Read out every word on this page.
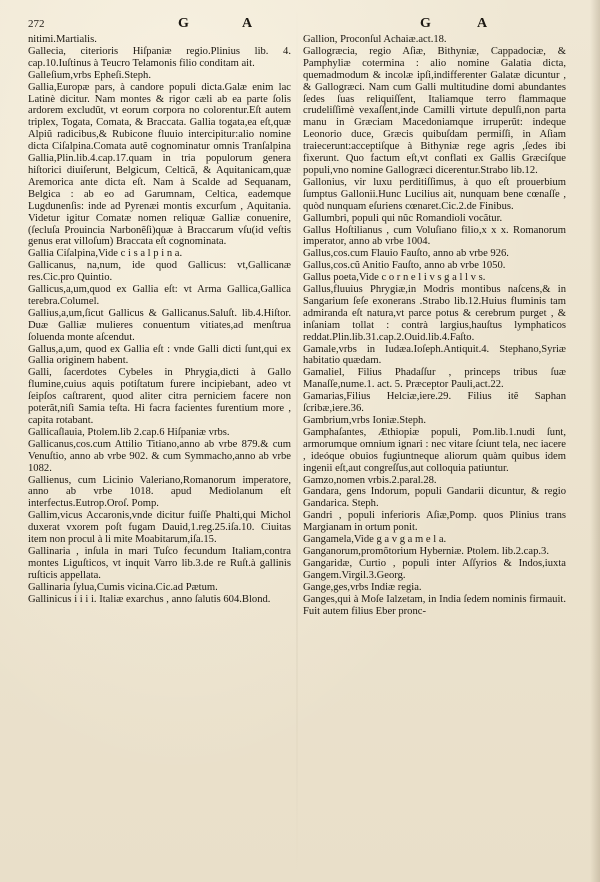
272	G	A	G	A

nitimi.Martialis.

Gallecia, citerioris Hiſpaniæ regio.Plinius lib. 4. cap.10.Iuſtinus à Teucro Telamonis filio conditam ait.

Galleſium,vrbs Epheſi.Steph.

Gallia,Europæ pars, à candore populi dicta.Galæ enim lac Latinè dicitur. Nam montes & rigor cæli ab ea parte ſolis ardorem excludũt, vt eorum corpora no colorentur.Eſt autem triplex, Togata, Comata, & Braccata. Gallia togata,ea eſt,quæ Alpiũ radicibus,& Rubicone fluuio intercipitur:alio nomine dicta Ciſalpina.Comata autẽ cognominatur omnis Tranſalpina Gallia,Plin.lib.4.cap.17.quam in tria populorum genera hiſtorici diuiſerunt, Belgicum, Celticã, & Aquitanicam,quæ Aremorica ante dicta eſt. Nam à Scalde ad Sequanam, Belgica : ab eo ad Garumnam, Celtica, eademque Lugdunenſis: inde ad Pyrenæi montis excurſum , Aquitania. Videtur igitur Comatæ nomen reliquæ Galliæ conuenire,(ſecluſa Prouincia Narbonẽſi)quæ à Braccarum vſu(id veſtis genus erat villoſum) Braccata eſt cognominata.

Gallia Ciſalpina,Vide c i s a l p i n a.

Gallicanus, na,num, ide quod Gallicus: vt,Gallicanæ res.Cic.pro Quintio.

Gallicus,a,um,quod ex Gallia eſt: vt Arma Gallica,Gallica terebra.Columel.

Gallius,a,um,ſicut Gallicus & Gallicanus.Saluſt. lib.4.Hiſtor. Duæ Galliæ mulieres conuentum vitiates,ad menſtrua ſoluenda monte aſcendut.

Gallus,a,um, quod ex Gallia eſt : vnde Galli dicti ſunt,qui ex Gallia originem habent.

Galli, ſacerdotes Cybeles in Phrygia,dicti à Gallo flumine,cuius aquis potiſtatum furere incipiebant, adeo vt ſeipſos caſtrarent, quod aliter citra perniciem facere non poterãt,niſi Samia teſta. Hi facra facientes furentium more , capita rotabant.

Gallicaſlauia, Ptolem.lib 2.cap.6 Hiſpaniæ vrbs.

Gallicanus,cos.cum Attilio Titiano,anno ab vrbe 879.& cum Venuſtio, anno ab vrbe 902. & cum Symmacho,anno ab vrbe 1082.

Gallienus, cum Licinio Valeriano,Romanorum imperatore, anno ab vrbe 1018. apud Mediolanum eſt interfectus.Eutrop.Oroſ. Pomp.

Gallim,vicus Accaronis,vnde dicitur fuiſſe Phalti,qui Michol duxerat vxorem poſt fugam Dauid,1.reg.25.iſa.10. Ciuitas item non procul à li mite Moabitarum,iſa.15.

Gallinaria , inſula in mari Tuſco fecundum Italiam,contra montes Liguſticos, vt inquit Varro lib.3.de re Ruſt.à gallinis ruſticis appellata.

Gallinaria ſylua,Cumis vicina.Cic.ad Pætum.

Gallinicus i i i i. Italiæ exarchus , anno ſalutis 604.Blond.

Gallion, Proconſul Achaiæ.act.18.

Gallogræcia, regio Aſiæ, Bithyniæ, Cappadociæ, & Pamphyliæ cotermina : alio nomine Galatia dicta, quemadmodum & incolæ ipſi,indifferenter Galatæ dicuntur , & Gallogræci. Nam cum Galli multitudine domi abundantes ſedes ſuas reliquiſſent, Italiamque terro flammaque crudeliſſimè vexaſſent,inde Camilli virtute depulſi,non parta manu in Græciam Macedoniamque irruperũt: indeque Leonorio duce, Græcis quibuſdam permiſſi, in Aſiam traiecerunt:acceptiſque à Bithyniæ rege agris ,ſedes ibi fixerunt. Quo factum eſt,vt conflati ex Gallis Græciſque populi,vno nomine Gallogræci dicerentur.Strabo lib.12.

Gallonius, vir luxu perditiſſimus, à quo eſt prouerbium ſumptus Gallonii.Hunc Lucilius ait, nunquam bene cœnaſſe , quòd nunquam eſuriens cœnaret.Cic.2.de Finibus.

Gallumbri, populi qui nũc Romandioli vocãtur.

Gallus Hoſtilianus , cum Voluſiano filio,x x x. Romanorum imperator, anno ab vrbe 1004.

Gallus,cos.cum Flauio Fauſto, anno ab vrbe 926.

Gallus,cos.cũ Anitio Fauſto, anno ab vrbe 1050.

Gallus poeta,Vide c o r n e l i v s g a l l v s.

Gallus,fluuius Phrygiæ,in Modris montibus naſcens,& in Sangarium ſeſe exonerans .Strabo lib.12.Huius fluminis tam admiranda eſt natura,vt parce potus & cerebrum purget , & inſaniam tollat : contrà largius,hauſtus lymphaticos reddat.Plin.lib.31.cap.2.Ouid.lib.4.Faſto.

Gamale,vrbs in Iudæa.Ioſeph.Antiquit.4. Stephano,Syriæ habitatio quædam.

Gamaliel, Filius Phadaſſur , princeps tribus ſuæ Manaſſe,nume.1. act. 5. Præceptor Pauli,act.22.

Gamarias,Filius Helciæ,iere.29. Filius itẽ Saphan ſcribæ,iere.36.

Gambrium,vrbs Ioniæ.Steph.

Gamphaſantes, Æthiopiæ populi, Pom.lib.1.nudi ſunt, armorumque omnium ignari : nec vitare ſciunt tela, nec iacere , ideóque obuios fugiuntneque aliorum quàm quibus idem ingenii eſt,aut congreſſus,aut colloquia patiuntur.

Gamzo,nomen vrbis.2.paral.28.

Gandara, gens Indorum, populi Gandarii dicuntur, & regio Gandarica. Steph.

Gandri , populi inferioris Aſiæ,Pomp. quos Plinius trans Margianam in ortum ponit.

Gangamela,Vide g a v g a m e l a.

Ganganorum,promõtorium Hyberniæ. Ptolem. lib.2.cap.3.

Gangaridæ, Curtio , populi inter Aſſyrios & Indos,iuxta Gangem.Virgil.3.Georg.

Gange,ges,vrbs Indiæ regia.

Ganges,qui à Moſe Ialzetam, in India ſedem nominis firmauit. Fuit autem filius Eber pronc-
